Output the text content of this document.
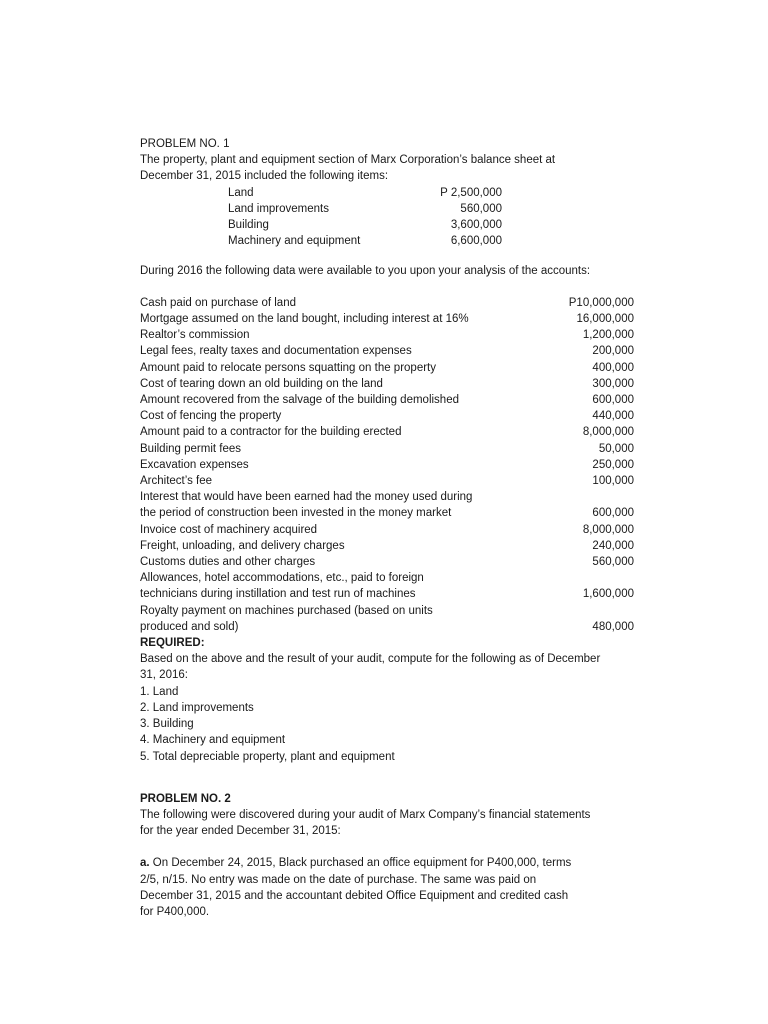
PROBLEM NO. 1
The property, plant and equipment section of Marx Corporation’s balance sheet at
December 31, 2015 included the following items:
Land	P 2,500,000
Land improvements	560,000
Building	3,600,000
Machinery and equipment	6,600,000
During 2016 the following data were available to you upon your analysis of the accounts:
Cash paid on purchase of land	P10,000,000
Mortgage assumed on the land bought, including interest at 16%	16,000,000
Realtor’s commission	1,200,000
Legal fees, realty taxes and documentation expenses	200,000
Amount paid to relocate persons squatting on the property	400,000
Cost of tearing down an old building on the land	300,000
Amount recovered from the salvage of the building demolished	600,000
Cost of fencing the property	440,000
Amount paid to a contractor for the building erected	8,000,000
Building permit fees	50,000
Excavation expenses	250,000
Architect’s fee	100,000
Interest that would have been earned had the money used during
the period of construction been invested in the money market	600,000
Invoice cost of machinery acquired	8,000,000
Freight, unloading, and delivery charges	240,000
Customs duties and other charges	560,000
Allowances, hotel accommodations, etc., paid to foreign
technicians during instillation and test run of machines	1,600,000
Royalty payment on machines purchased (based on units
produced and sold)	480,000
REQUIRED:
Based on the above and the result of your audit, compute for the following as of December
31, 2016:
1. Land
2. Land improvements
3. Building
4. Machinery and equipment
5. Total depreciable property, plant and equipment
PROBLEM NO. 2
The following were discovered during your audit of Marx Company’s financial statements
for the year ended December 31, 2015:
a. On December 24, 2015, Black purchased an office equipment for P400,000, terms
2/5, n/15. No entry was made on the date of purchase. The same was paid on
December 31, 2015 and the accountant debited Office Equipment and credited cash
for P400,000.
